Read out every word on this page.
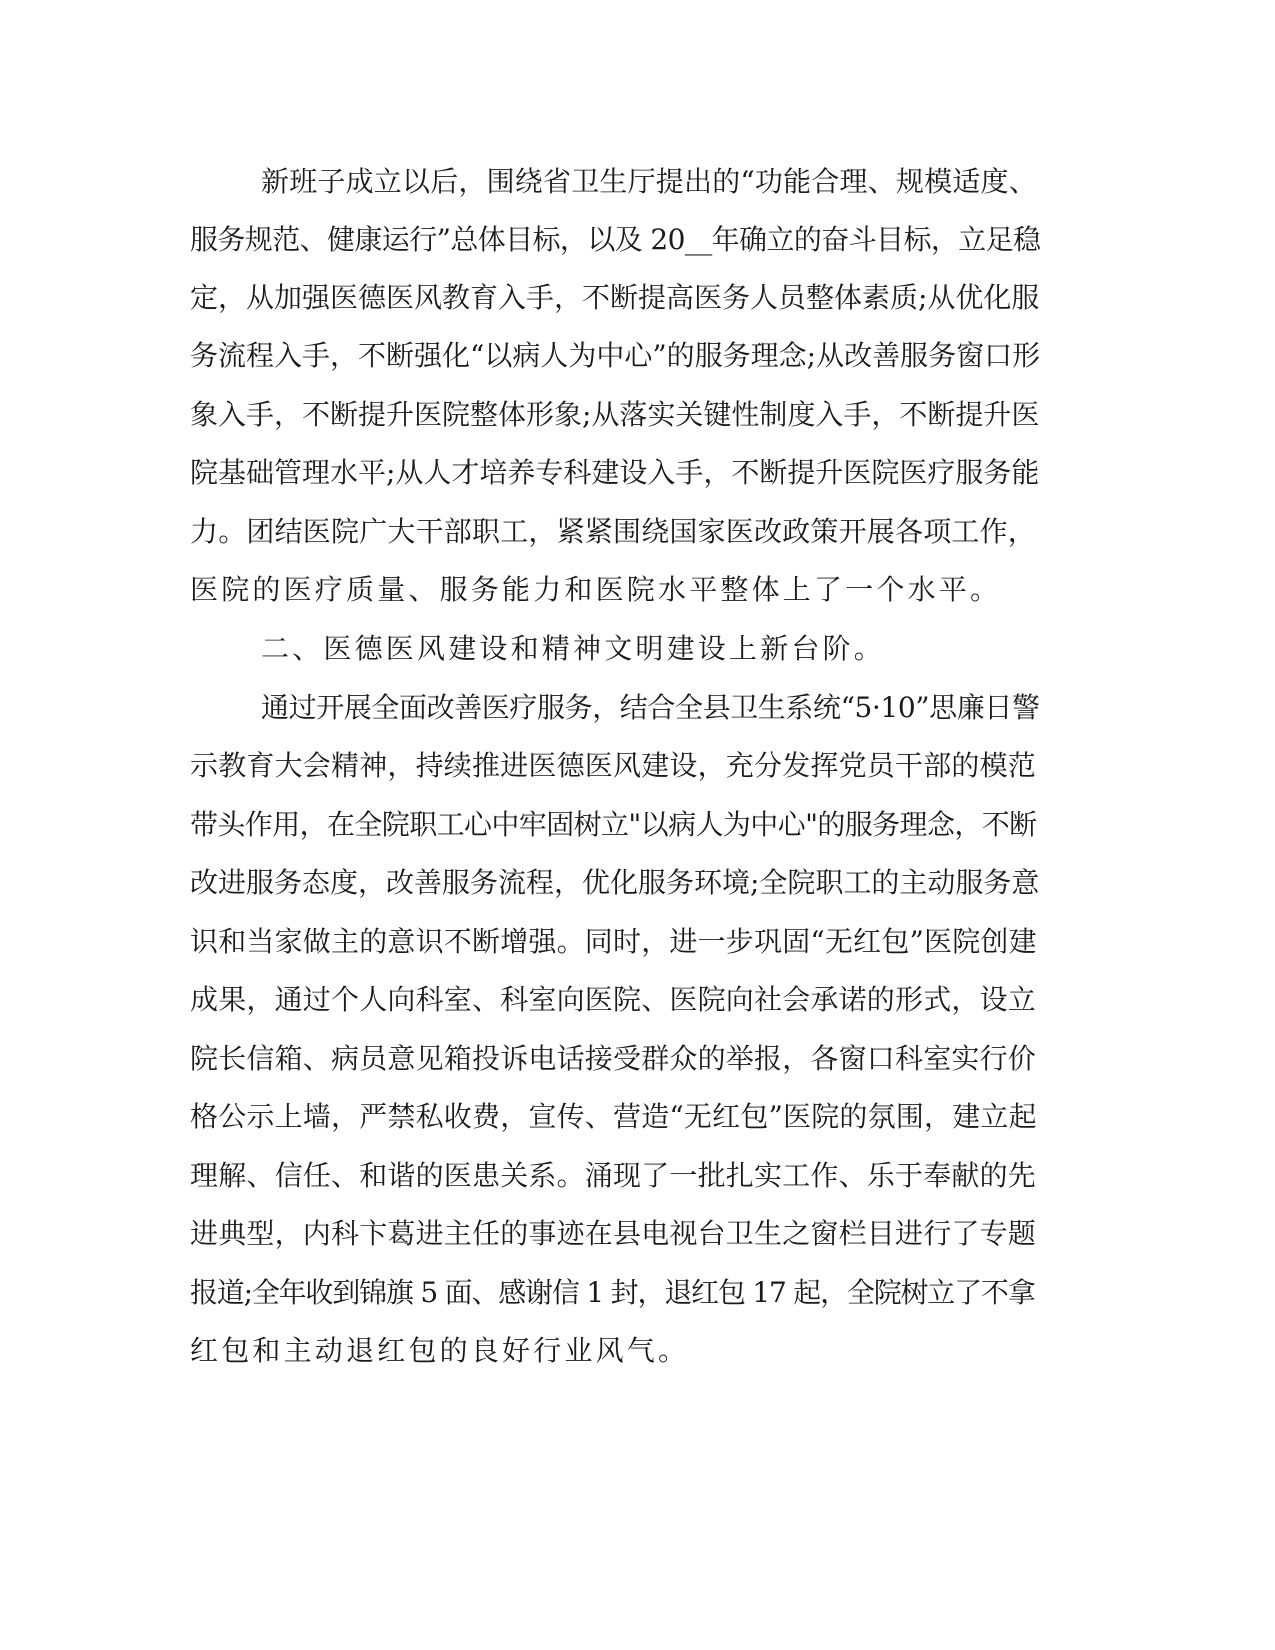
新班子成立以后，围绕省卫生厅提出的“功能合理、规模适度、
服务规范、健康运行”总体目标，以及 20__年确立的奋斗目标，立足稳
定，从加强医德医风教育入手，不断提高医务人员整体素质;从优化服
务流程入手，不断强化“以病人为中心”的服务理念;从改善服务窗口形
象入手，不断提升医院整体形象;从落实关键性制度入手，不断提升医
院基础管理水平;从人才培养专科建设入手，不断提升医院医疗服务能
力。团结医院广大干部职工，紧紧围绕国家医改政策开展各项工作，
医院的医疗质量、服务能力和医院水平整体上了一个水平。
二、医德医风建设和精神文明建设上新台阶。
通过开展全面改善医疗服务，结合全县卫生系统“5·10”思廉日警
示教育大会精神，持续推进医德医风建设，充分发挥党员干部的模范
带头作用，在全院职工心中牢固树立"以病人为中心"的服务理念，不断
改进服务态度，改善服务流程，优化服务环境;全院职工的主动服务意
识和当家做主的意识不断增强。同时，进一步巩固“无红包”医院创建
成果，通过个人向科室、科室向医院、医院向社会承诺的形式，设立
院长信箱、病员意见箱投诉电话接受群众的举报，各窗口科室实行价
格公示上墙，严禁私收费，宣传、营造“无红包”医院的氛围，建立起
理解、信任、和谐的医患关系。涌现了一批扎实工作、乐于奉献的先
进典型，内科卞葛进主任的事迹在县电视台卫生之窗栏目进行了专题
报道;全年收到锦旗 5 面、感谢信 1 封，退红包 17 起，全院树立了不拿
红包和主动退红包的良好行业风气。
